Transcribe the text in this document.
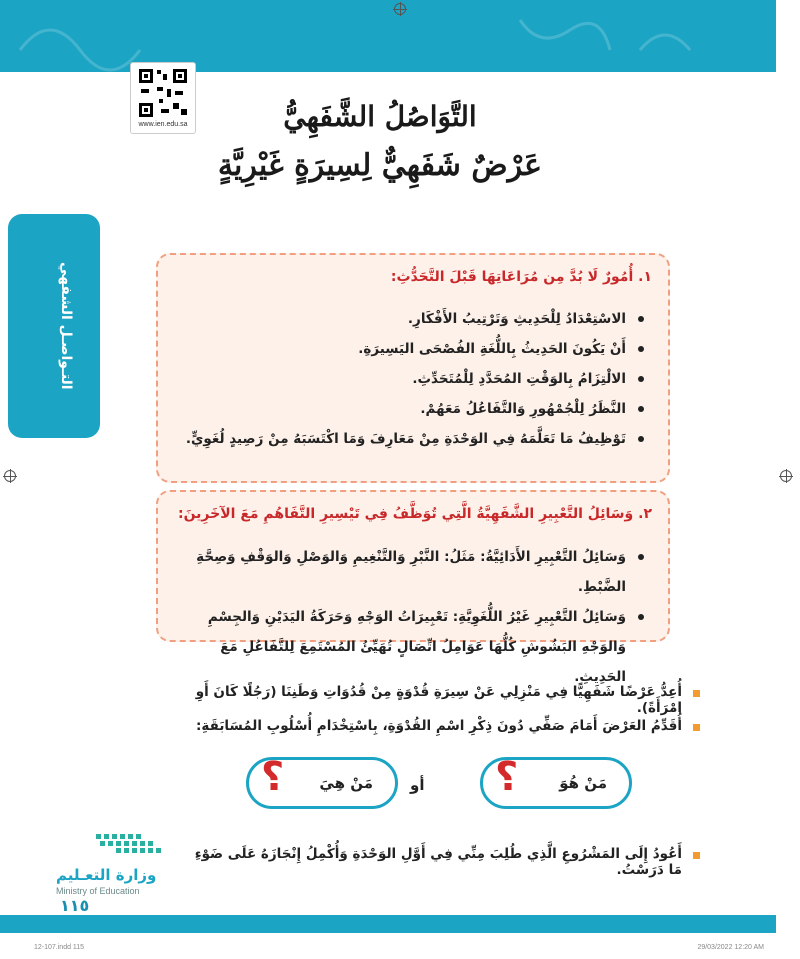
www.ien.edu.sa	التَّوَاصُلُ الشَّفَهِيُّ
عَرْضٌ شَفَهِيٌّ لِسِيرَةٍ غَيْرِيَّةٍ
التـواصـل الشفهي	١. أُمُورٌ لَا بُدَّ مِن مُرَاعَاتِهَا قَبْلَ التَّحَدُّثِ:
الاسْتِعْدَادُ لِلْحَدِيثِ وَتَرْتِيبُ الأَفْكَارِ.
أَنْ يَكُونَ الحَدِيثُ بِاللُّغَةِ الفُصْحَى اليَسِيرَةِ.
الالْتِزَامُ بِالوَقْتِ المُحَدَّدِ لِلْمُتَحَدِّثِ.
النَّظَرُ لِلْجُمْهُورِ وَالتَّفَاعُلُ مَعَهُمْ.
تَوْظِيفُ مَا تَعَلَّمَهُ فِي الوَحْدَةِ مِنْ مَعَارِفَ وَمَا اكْتَسَبَهُ مِنْ رَصِيدٍ لُغَوِيٍّ.
٢. وَسَائِلُ التَّعْبِيرِ الشَّفَهِيَّةُ الَّتِي تُوَظَّفُ فِي تَيْسِيرِ التَّفَاهُمِ مَعَ الآخَرِينَ:
وَسَائِلُ التَّعْبِيرِ الأَدَائِيَّةُ: مَثَلُ: النَّبْرِ وَالتَّنْغِيمِ وَالوَصْلِ وَالوَقْفِ وَصِحَّةِ الضَّبْطِ.
وَسَائِلُ التَّعْبِيرِ غَيْرُ اللُّغَوِيَّةِ: تَعْبِيرَاتُ الوَجْهِ وَحَرَكَةُ اليَدَيْنِ وَالجِسْمِ وَالوَجْهِ البَشُوشِ كُلُّهَا عَوَامِلُ اتِّصَالٍ تُهَيِّئُ المُسْتَمِعَ لِلتَّفَاعُلِ مَعَ الحَدِيثِ.
أُعِدُّ عَرْضًا شَفَهِيًّا فِي مَنْزِلِي عَنْ سِيرَةِ قُدْوَةٍ مِنْ قُدُوَاتِ وَطَنِنَا (رَجُلًا كَانَ أَوِ امْرَأَةً).
أُقَدِّمُ العَرْضَ أَمَامَ صَفِّي دُونَ ذِكْرِ اسْمِ القُدْوَةِ، بِاسْتِخْدَامِ أُسْلُوبِ المُسَابَقَةِ:
مَنْ هُوَ
؟
أو
مَنْ هِيَ
؟
أَعُودُ إِلَى المَشْرُوعِ الَّذِي طُلِبَ مِنِّي فِي أَوَّلِ الوَحْدَةِ وَأُكْمِلُ إِنْجَازَهُ عَلَى ضَوْءِ مَا دَرَسْتُ.
وزارة التعـليم
Ministry of Education
١١٥
12-107.indd 115	29/03/2022 12:20 AM
